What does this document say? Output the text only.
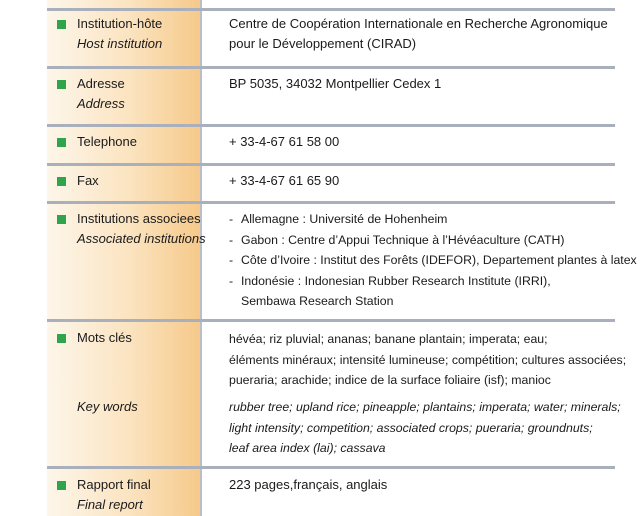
Institution-hôte
Host institution
Centre de Coopération Internationale en Recherche Agronomique
pour le Développement (CIRAD)
Adresse
Address
BP 5035, 34032 Montpellier Cedex 1
Telephone	+ 33-4-67 61 58 00
Fax	+ 33-4-67 61 65 90
Institutions associees
Associated institutions
- Allemagne : Université de Hohenheim
- Gabon : Centre d’Appui Technique à l’Hévéaculture (CATH)
- Côte d’Ivoire : Institut des Forêts (IDEFOR), Departement plantes à latex
- Indonésie : Indonesian Rubber Research Institute (IRRI),
Sembawa Research Station
Mots clés
Key words
hévéa; riz pluvial; ananas; banane plantain; imperata; eau;
éléments minéraux; intensité lumineuse; compétition; cultures associées;
pueraria; arachide; indice de la surface foliaire (isf); manioc
rubber tree; upland rice; pineapple; plantains; imperata; water; minerals;
light intensity; competition; associated crops; pueraria; groundnuts;
leaf area index (lai); cassava
Rapport final
Final report
223 pages,français, anglais
